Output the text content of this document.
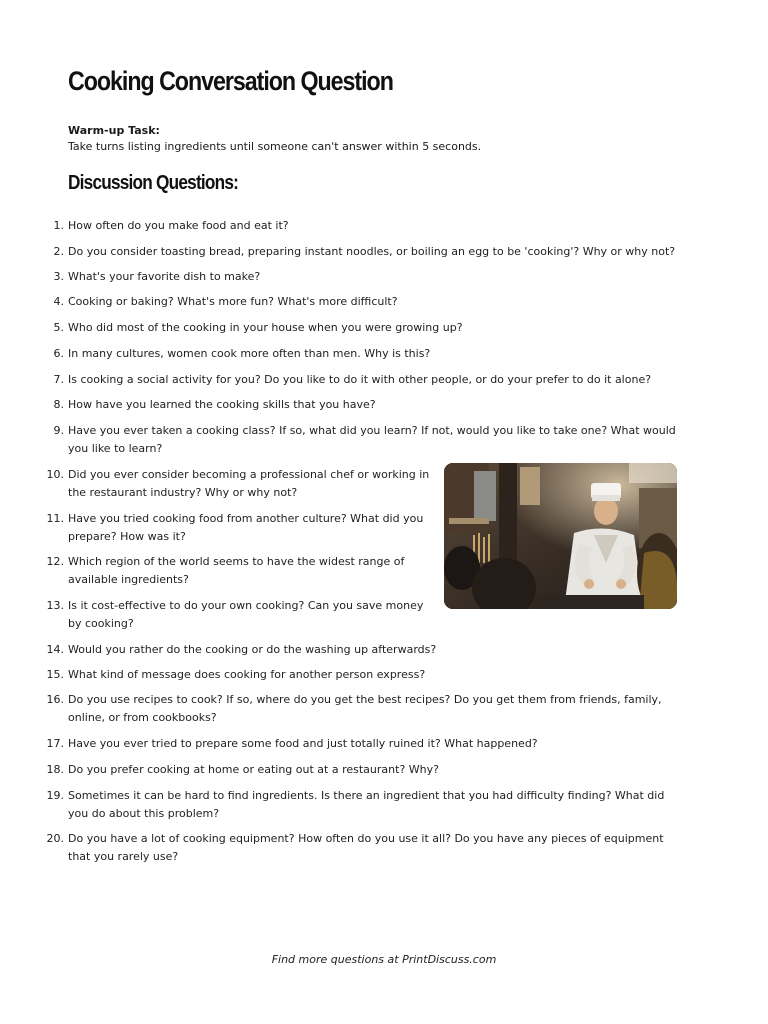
Cooking Conversation Question
Warm-up Task:
Take turns listing ingredients until someone can't answer within 5 seconds.
Discussion Questions:
1. How often do you make food and eat it?
2. Do you consider toasting bread, preparing instant noodles, or boiling an egg to be 'cooking'? Why or why not?
3. What's your favorite dish to make?
4. Cooking or baking? What's more fun? What's more difficult?
5. Who did most of the cooking in your house when you were growing up?
6. In many cultures, women cook more often than men. Why is this?
7. Is cooking a social activity for you? Do you like to do it with other people, or do your prefer to do it alone?
8. How have you learned the cooking skills that you have?
9. Have you ever taken a cooking class? If so, what did you learn? If not, would you like to take one? What would you like to learn?
10. Did you ever consider becoming a professional chef or working in the restaurant industry? Why or why not?
11. Have you tried cooking food from another culture? What did you prepare? How was it?
12. Which region of the world seems to have the widest range of available ingredients?
13. Is it cost-effective to do your own cooking? Can you save money by cooking?
14. Would you rather do the cooking or do the washing up afterwards?
15. What kind of message does cooking for another person express?
16. Do you use recipes to cook? If so, where do you get the best recipes? Do you get them from friends, family, online, or from cookbooks?
17. Have you ever tried to prepare some food and just totally ruined it? What happened?
18. Do you prefer cooking at home or eating out at a restaurant? Why?
19. Sometimes it can be hard to find ingredients. Is there an ingredient that you had difficulty finding? What did you do about this problem?
20. Do you have a lot of cooking equipment? How often do you use it all? Do you have any pieces of equipment that you rarely use?
Find more questions at PrintDiscuss.com
